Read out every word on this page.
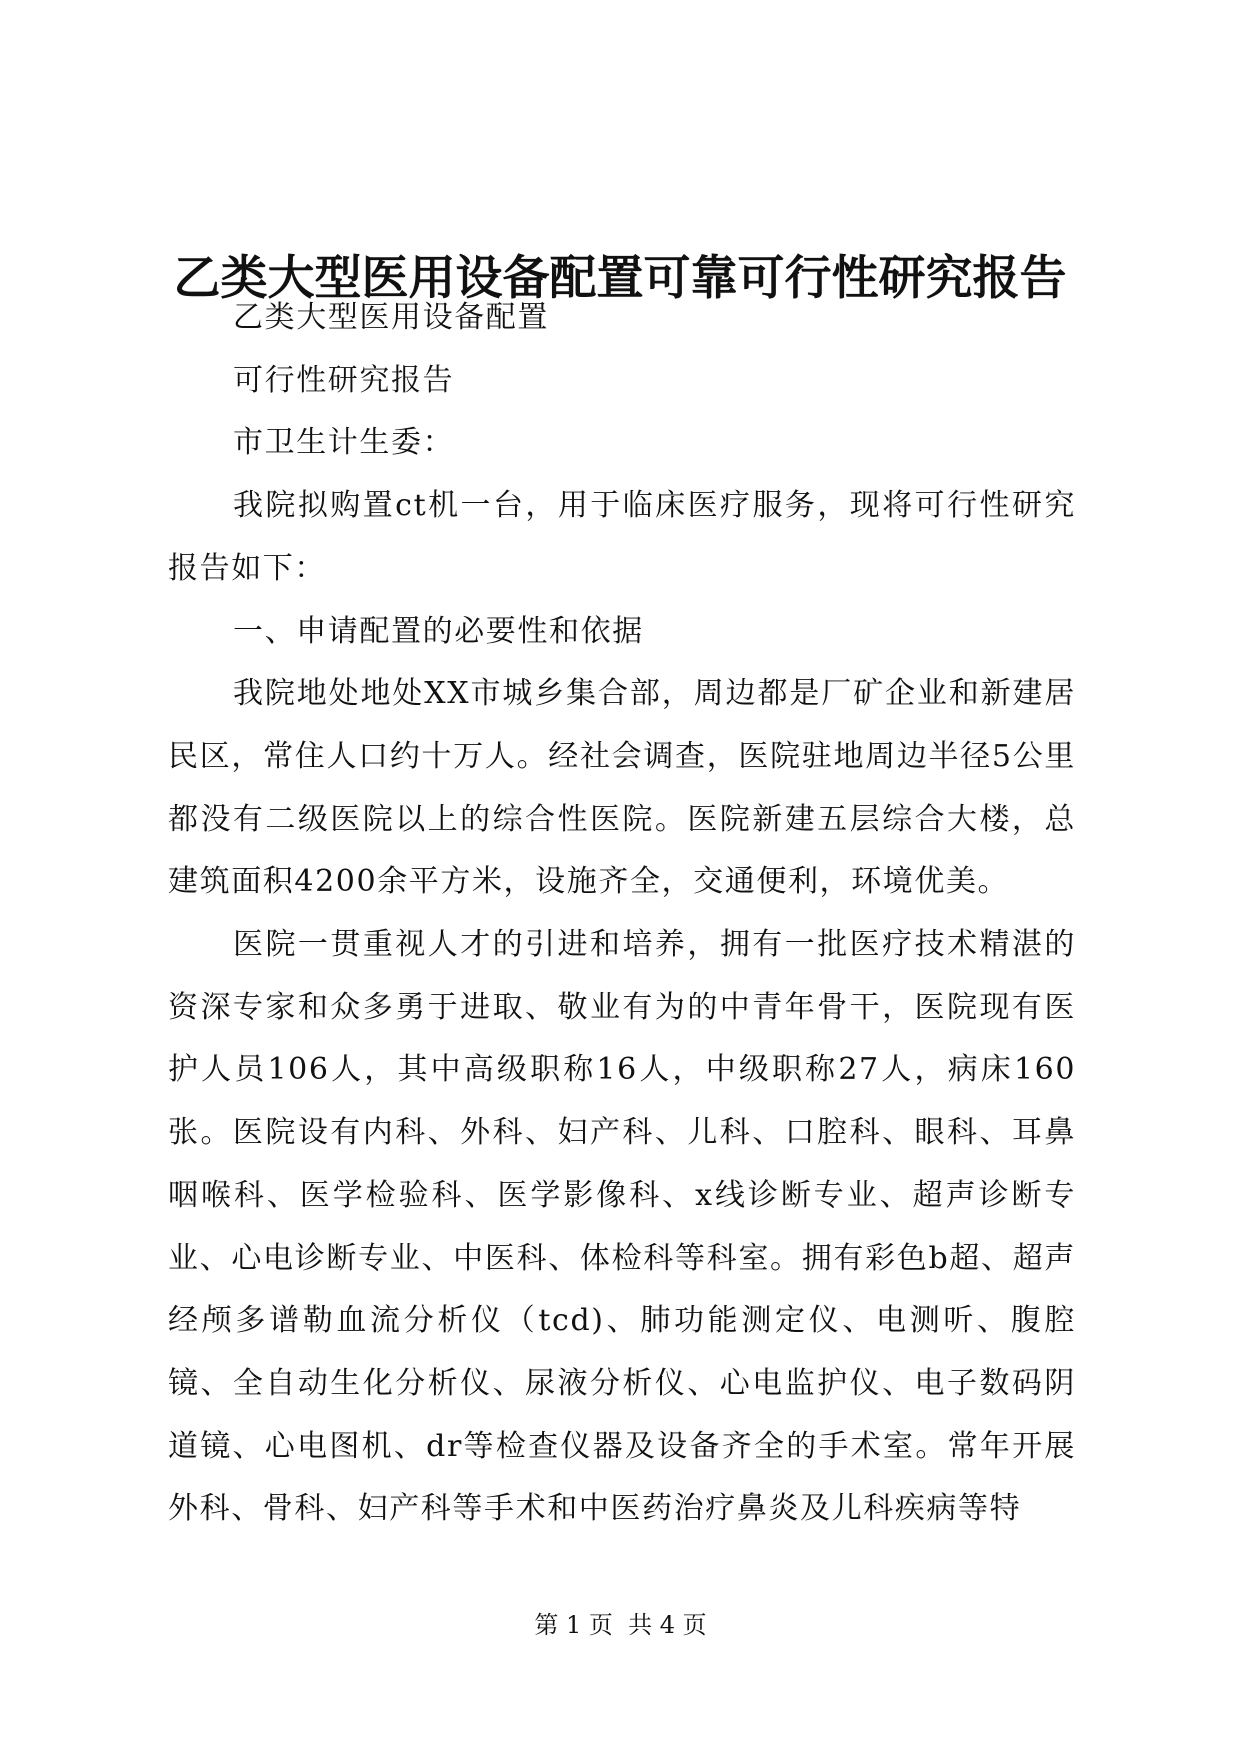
乙类大型医用设备配置可靠可行性研究报告

乙类大型医用设备配置

可行性研究报告

市卫生计生委：

我院拟购置ct机一台，用于临床医疗服务，现将可行性研究报告如下：

一、申请配置的必要性和依据

我院地处地处XX市城乡集合部，周边都是厂矿企业和新建居民区，常住人口约十万人。经社会调查，医院驻地周边半径5公里都没有二级医院以上的综合性医院。医院新建五层综合大楼，总建筑面积4200余平方米，设施齐全，交通便利，环境优美。

医院一贯重视人才的引进和培养，拥有一批医疗技术精湛的资深专家和众多勇于进取、敬业有为的中青年骨干，医院现有医护人员106人，其中高级职称16人，中级职称27人，病床160张。医院设有内科、外科、妇产科、儿科、口腔科、眼科、耳鼻咽喉科、医学检验科、医学影像科、x线诊断专业、超声诊断专业、心电诊断专业、中医科、体检科等科室。拥有彩色b超、超声经颅多谱勒血流分析仪（tcd)、肺功能测定仪、电测听、腹腔镜、全自动生化分析仪、尿液分析仪、心电监护仪、电子数码阴道镜、心电图机、dr等检查仪器及设备齐全的手术室。常年开展外科、骨科、妇产科等手术和中医药治疗鼻炎及儿科疾病等特

第 1 页 共 4 页
